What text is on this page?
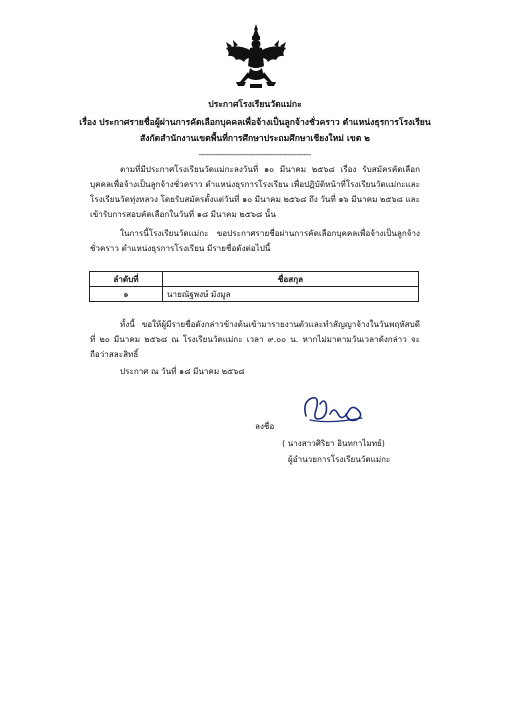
ประกาศโรงเรียนวัดแม่กะ
เรื่อง ประกาศรายชื่อผู้ผ่านการคัดเลือกบุคคลเพื่อจ้างเป็นลูกจ้างชั่วคราว ตำแหน่งธุรการโรงเรียน
สังกัดสำนักงานเขตพื้นที่การศึกษาประถมศึกษาเชียงใหม่ เขต ๒
-----------------------------------------------
ตามที่มีประกาศโรงเรียนวัดแม่กะลงวันที่ ๑๐ มีนาคม ๒๕๖๘ เรื่อง รับสมัครคัดเลือกบุคคลเพื่อจ้างเป็นลูกจ้างชั่วคราว ตำแหน่งธุรการโรงเรียน เพื่อปฏิบัติหน้าที่โรงเรียนวัดแม่กะและโรงเรียนวัดทุ่งหลวง โดยรับสมัครตั้งแต่วันที่ ๑๐ มีนาคม ๒๕๖๘ ถึง วันที่ ๑๖ มีนาคม ๒๕๖๘ และเข้ารับการสอบคัดเลือกในวันที่ ๑๘ มีนาคม ๒๕๖๘ นั้น
ในการนี้โรงเรียนวัดแม่กะ ขอประกาศรายชื่อผ่านการคัดเลือกบุคคลเพื่อจ้างเป็นลูกจ้างชั่วคราว ตำแหน่งธุรการโรงเรียน มีรายชื่อดังต่อไปนี้
ลำดับที่	ชื่อสกุล
๑	นายณัฐพงษ์ มังมูล
ทั้งนี้ ขอให้ผู้มีรายชื่อดังกล่าวข้างต้นเข้ามารายงานตัวและทำสัญญาจ้างในวันพฤหัสบดีที่ ๒๐ มีนาคม ๒๕๖๘ ณ โรงเรียนวัดแม่กะ เวลา ๙.๐๐ น. หากไม่มาตามวันเวลาดังกล่าว จะถือว่าสละสิทธิ์
ประกาศ ณ วันที่ ๑๘ มีนาคม ๒๕๖๘
ลงชื่อ
( นางสาวศิริยา อินทกาไมทย์)
ผู้อำนวยการโรงเรียนวัดแม่กะ
